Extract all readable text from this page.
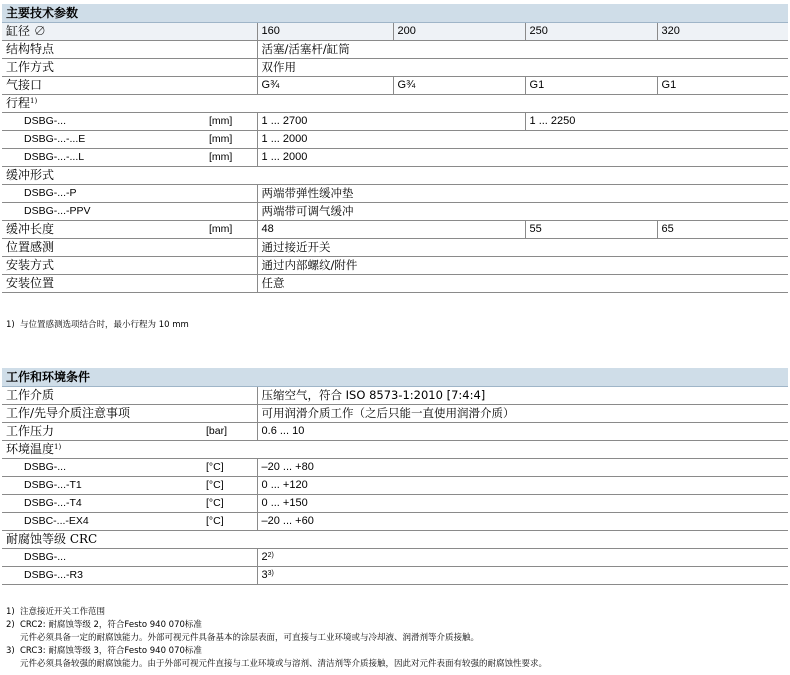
主要技术参数
缸径 ∅		160	200	250	320
结构特点		活塞/活塞杆/缸筒			
工作方式		双作用			
气接口		G¾	G¾	G1	G1
行程$^{1)}$
DSBG-...	[mm]	1 ... 2700		1 ... 2250	
DSBG-...-...E	[mm]	1 ... 2000			
DSBG-...-...L	[mm]	1 ... 2000			
缓冲形式					
DSBG-...-P		两端带弹性缓冲垫			
DSBG-...-PPV		两端带可调气缓冲			
缓冲长度	[mm]	48		55	65
位置感测		通过接近开关			
安装方式		通过内部螺纹/附件			
安装位置		任意			
1) 与位置感测选项结合时，最小行程为 10 mm
工作和环境条件
工作介质		压缩空气，符合 ISO 8573-1:2010 [7:4:4]
工作/先导介质注意事项		可用润滑介质工作（之后只能一直使用润滑介质）
工作压力	[bar]	0.6 ... 10
环境温度$^{1)}$
DSBG-...	[°C]	–20 ... +80
DSBG-...-T1	[°C]	0 ... +120
DSBG-...-T4	[°C]	0 ... +150
DSBC-...-EX4	[°C]	–20 ... +60
耐腐蚀等级 CRC		
DSBG-...		2$^{2)}$
DSBG-...-R3		3$^{3)}$
1) 注意接近开关工作范围
2) CRC2: 耐腐蚀等级 2，符合Festo 940 070标准
元件必须具备一定的耐腐蚀能力。外部可视元件具备基本的涂层表面，可直接与工业环境或与冷却液、润滑剂等介质接触。
3) CRC3: 耐腐蚀等级 3，符合Festo 940 070标准
元件必须具备较强的耐腐蚀能力。由于外部可视元件直接与工业环境或与溶剂、清洁剂等介质接触，因此对元件表面有较强的耐腐蚀性要求。
